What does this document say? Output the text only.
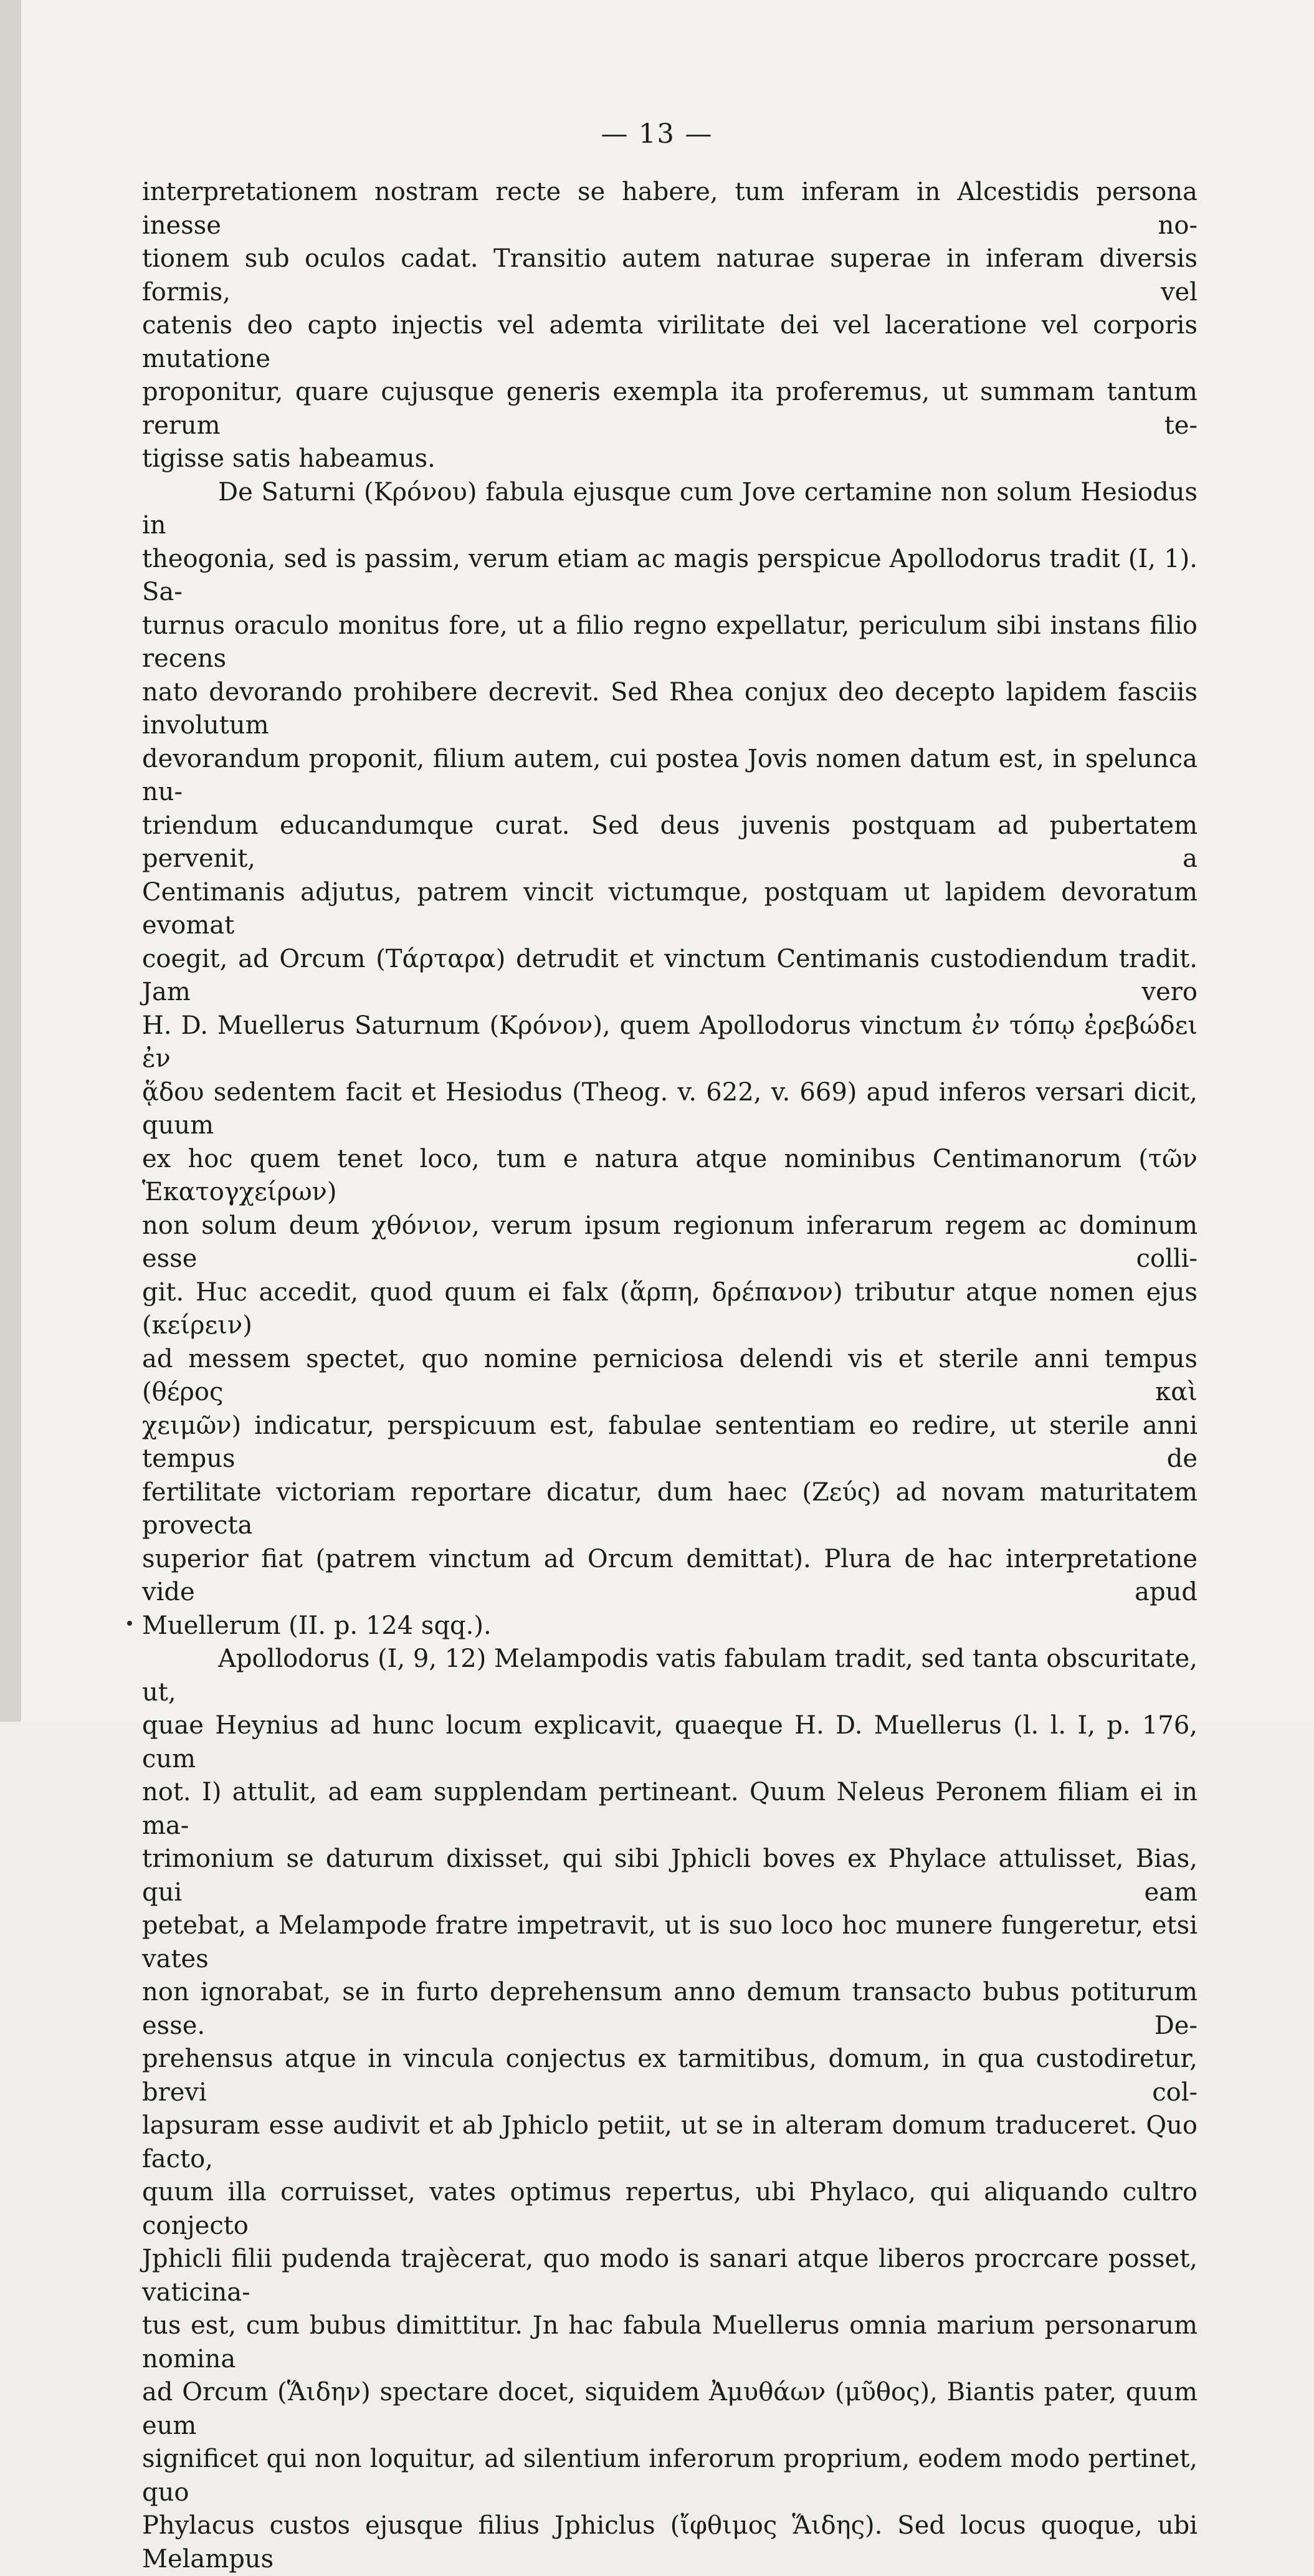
— 13 —

interpretationem nostram recte se habere, tum inferam in Alcestidis persona inesse no-

tionem sub oculos cadat. Transitio autem naturae superae in inferam diversis formis, vel

catenis deo capto injectis vel ademta virilitate dei vel laceratione vel corporis mutatione

proponitur, quare cujusque generis exempla ita proferemus, ut summam tantum rerum te-

tigisse satis habeamus.

De Saturni (Κρόνου) fabula ejusque cum Jove certamine non solum Hesiodus in

theogonia, sed is passim, verum etiam ac magis perspicue Apollodorus tradit (I, 1). Sa-

turnus oraculo monitus fore, ut a filio regno expellatur, periculum sibi instans filio recens

nato devorando prohibere decrevit. Sed Rhea conjux deo decepto lapidem fasciis involutum

devorandum proponit, filium autem, cui postea Jovis nomen datum est, in spelunca nu-

triendum educandumque curat. Sed deus juvenis postquam ad pubertatem pervenit, a

Centimanis adjutus, patrem vincit victumque, postquam ut lapidem devoratum evomat

coegit, ad Orcum (Τάρταρα) detrudit et vinctum Centimanis custodiendum tradit. Jam vero

H. D. Muellerus Saturnum (Κρόνον), quem Apollodorus vinctum ἐν τόπῳ ἐρεβώδει ἐν

ᾅδου sedentem facit et Hesiodus (Theog. v. 622, v. 669) apud inferos versari dicit, quum

ex hoc quem tenet loco, tum e natura atque nominibus Centimanorum (τῶν Ἑκατογχείρων)

non solum deum χθόνιον, verum ipsum regionum inferarum regem ac dominum esse colli-

git. Huc accedit, quod quum ei falx (ἅρπη, δρέπανον) tributur atque nomen ejus (κείρειν)

ad messem spectet, quo nomine perniciosa delendi vis et sterile anni tempus (θέρος καὶ

χειμῶν) indicatur, perspicuum est, fabulae sententiam eo redire, ut sterile anni tempus de

fertilitate victoriam reportare dicatur, dum haec (Ζεύς) ad novam maturitatem provecta

superior fiat (patrem vinctum ad Orcum demittat). Plura de hac interpretatione vide apud

Muellerum (II. p. 124 sqq.).

Apollodorus (I, 9, 12) Melampodis vatis fabulam tradit, sed tanta obscuritate, ut,

quae Heynius ad hunc locum explicavit, quaeque H. D. Muellerus (l. l. I, p. 176, cum

not. I) attulit, ad eam supplendam pertineant. Quum Neleus Peronem filiam ei in ma-

trimonium se daturum dixisset, qui sibi Jphicli boves ex Phylace attulisset, Bias, qui eam

petebat, a Melampode fratre impetravit, ut is suo loco hoc munere fungeretur, etsi vates

non ignorabat, se in furto deprehensum anno demum transacto bubus potiturum esse. De-

prehensus atque in vincula conjectus ex tarmitibus, domum, in qua custodiretur, brevi col-

lapsuram esse audivit et ab Jphiclo petiit, ut se in alteram domum traduceret. Quo facto,

quum illa corruisset, vates optimus repertus, ubi Phylaco, qui aliquando cultro conjecto

Jphicli filii pudenda trajècerat, quo modo is sanari atque liberos procrcare posset, vaticina-

tus est, cum bubus dimittitur. Jn hac fabula Muellerus omnia marium personarum nomina

ad Orcum (Ἅιδην) spectare docet, siquidem Ἀμυθάων (μῦθος), Biantis pater, quum eum

significet qui non loquitur, ad silentium inferorum proprium, eodem modo pertinet, quo

Phylacus custos ejusque filius Jphiclus (ἴφθιμος Ἅιδης). Sed locus quoque, ubi Melampus
